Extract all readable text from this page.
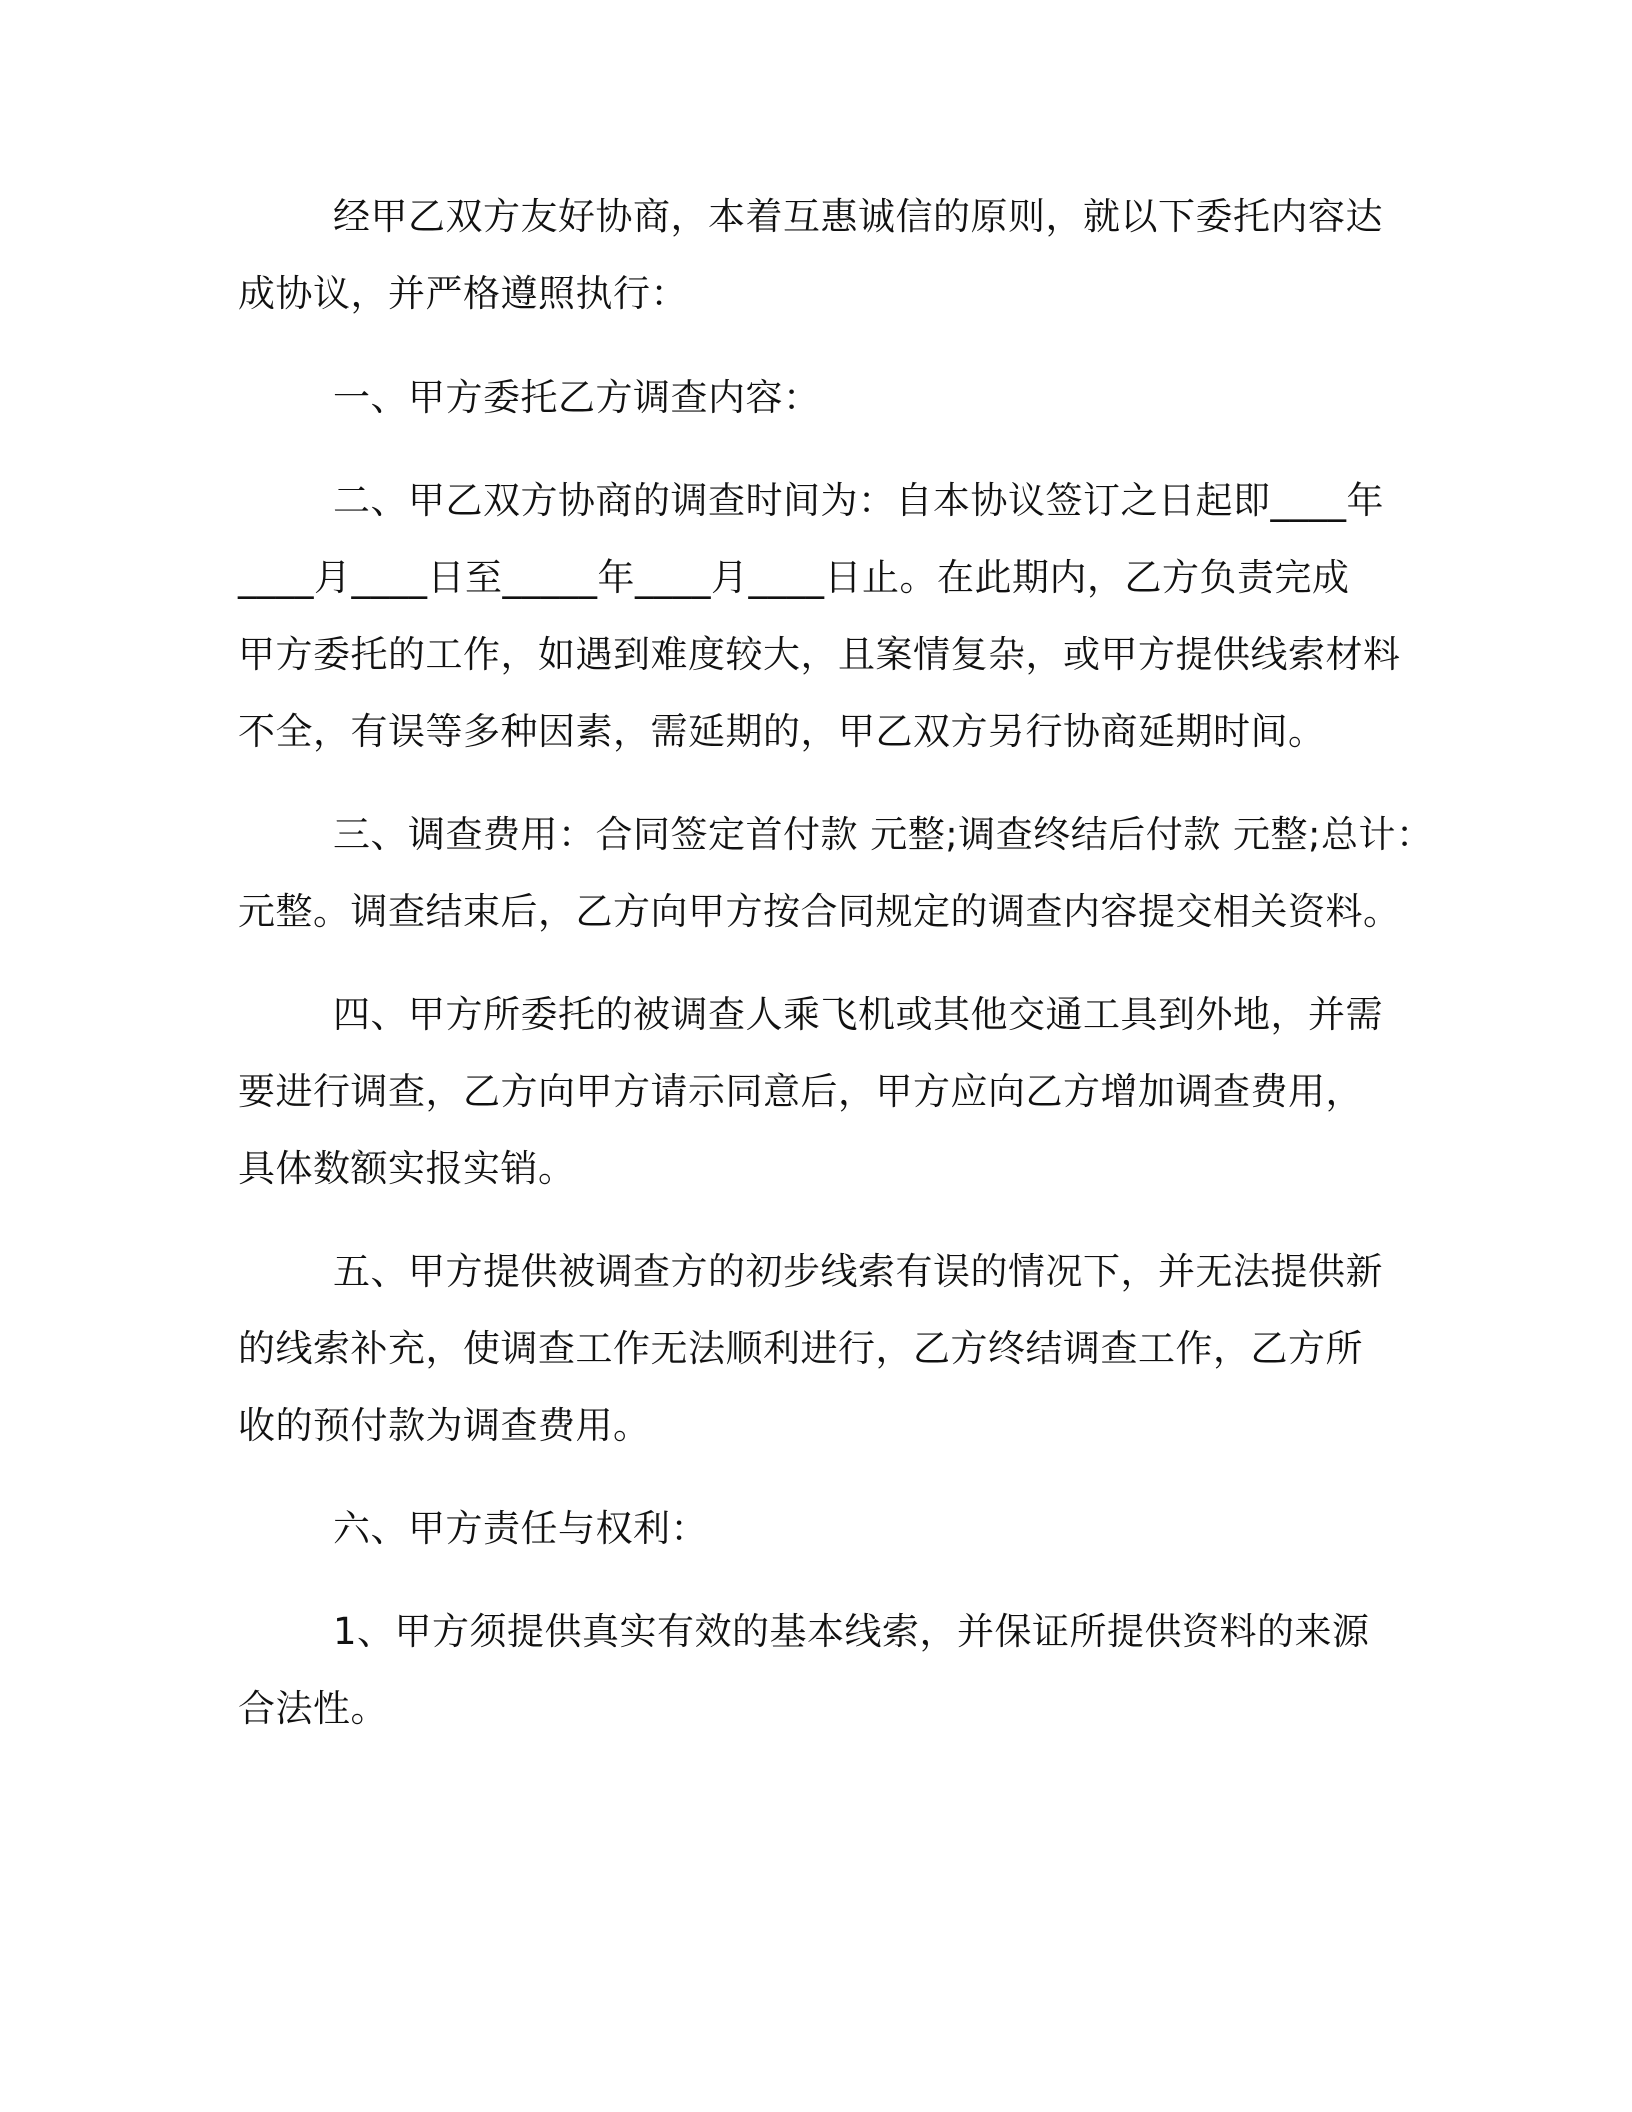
经甲乙双方友好协商，本着互惠诚信的原则，就以下委托内容达
成协议，并严格遵照执行：
一、甲方委托乙方调查内容：
二、甲乙双方协商的调查时间为：自本协议签订之日起即____年
____月____日至_____年____月____日止。在此期内，乙方负责完成
甲方委托的工作，如遇到难度较大，且案情复杂，或甲方提供线索材料
不全，有误等多种因素，需延期的，甲乙双方另行协商延期时间。
三、调查费用：合同签定首付款 元整;调查终结后付款 元整;总计：
元整。调查结束后，乙方向甲方按合同规定的调查内容提交相关资料。
四、甲方所委托的被调查人乘飞机或其他交通工具到外地，并需
要进行调查，乙方向甲方请示同意后，甲方应向乙方增加调查费用，
具体数额实报实销。
五、甲方提供被调查方的初步线索有误的情况下，并无法提供新
的线索补充，使调查工作无法顺利进行，乙方终结调查工作，乙方所
收的预付款为调查费用。
六、甲方责任与权利：
1、甲方须提供真实有效的基本线索，并保证所提供资料的来源
合法性。
